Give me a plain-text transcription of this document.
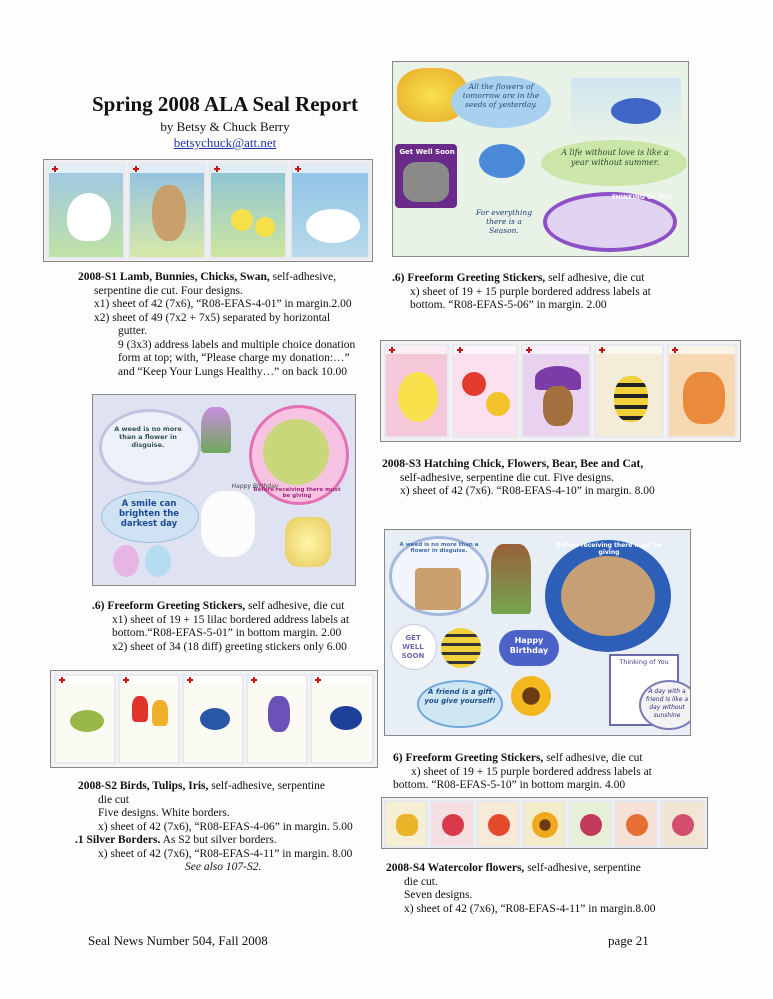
Spring 2008 ALA Seal Report
by Betsy & Chuck Berry
betsychuck@att.net
2008-S1 Lamb, Bunnies, Chicks, Swan, self-adhesive,
serpentine die cut. Four designs.
x1) sheet of 42 (7x6), “R08-EFAS-4-01” in margin.2.00
x2) sheet of 49 (7x2 + 7x5) separated by horizontal
gutter.
9 (3x3) address labels and multiple choice donation
form at top; with, “Please charge my donation:…”
and “Keep Your Lungs Healthy…” on back 10.00
A weed is no more than a flower in disguise.
Before receiving there must be giving
A smile can brighten the darkest day
Happy Birthday
.6) Freeform Greeting Stickers, self adhesive, die cut
x1) sheet of 19 + 15 lilac bordered address labels at
bottom.“R08-EFAS-5-01” in bottom margin. 2.00
x2) sheet of 34 (18 diff) greeting stickers only 6.00
2008-S2 Birds, Tulips, Iris, self-adhesive, serpentine
die cut
Five designs. White borders.
x) sheet of 42 (7x6), “R08-EFAS-4-06” in margin. 5.00
.1 Silver Borders. As S2 but silver borders.
x) sheet of 42 (7x6), “R08-EFAS-4-11” in margin. 8.00
See also 107-S2.
All the flowers of tomorrow are in the seeds of yesterday.
Get Well Soon	A life without love is like a year without summer.
THINKING OF YOU
For everything there is a Season.
.6) Freeform Greeting Stickers, self adhesive, die cut
x) sheet of 19 + 15 purple bordered address labels at
bottom. “R08-EFAS-5-06” in margin. 2.00
2008-S3 Hatching Chick, Flowers, Bear, Bee and Cat,
self-adhesive, serpentine die cut. Five designs.
x) sheet of 42 (7x6). “R08-EFAS-4-10” in margin. 8.00
A weed is no more than a flower in disguise.
Before receiving there must be giving
GET WELL SOON
Happy Birthday
Thinking of You
A friend is a gift you give yourself!
A day with a friend is like a day without sunshine
6) Freeform Greeting Stickers, self adhesive, die cut
x) sheet of 19 + 15 purple bordered address labels at
bottom. “R08-EFAS-5-10” in bottom margin. 4.00
2008-S4 Watercolor flowers, self-adhesive, serpentine
die cut.
Seven designs.
x) sheet of 42 (7x6), “R08-EFAS-4-11” in margin.8.00
Seal News Number 504, Fall 2008	page 21
